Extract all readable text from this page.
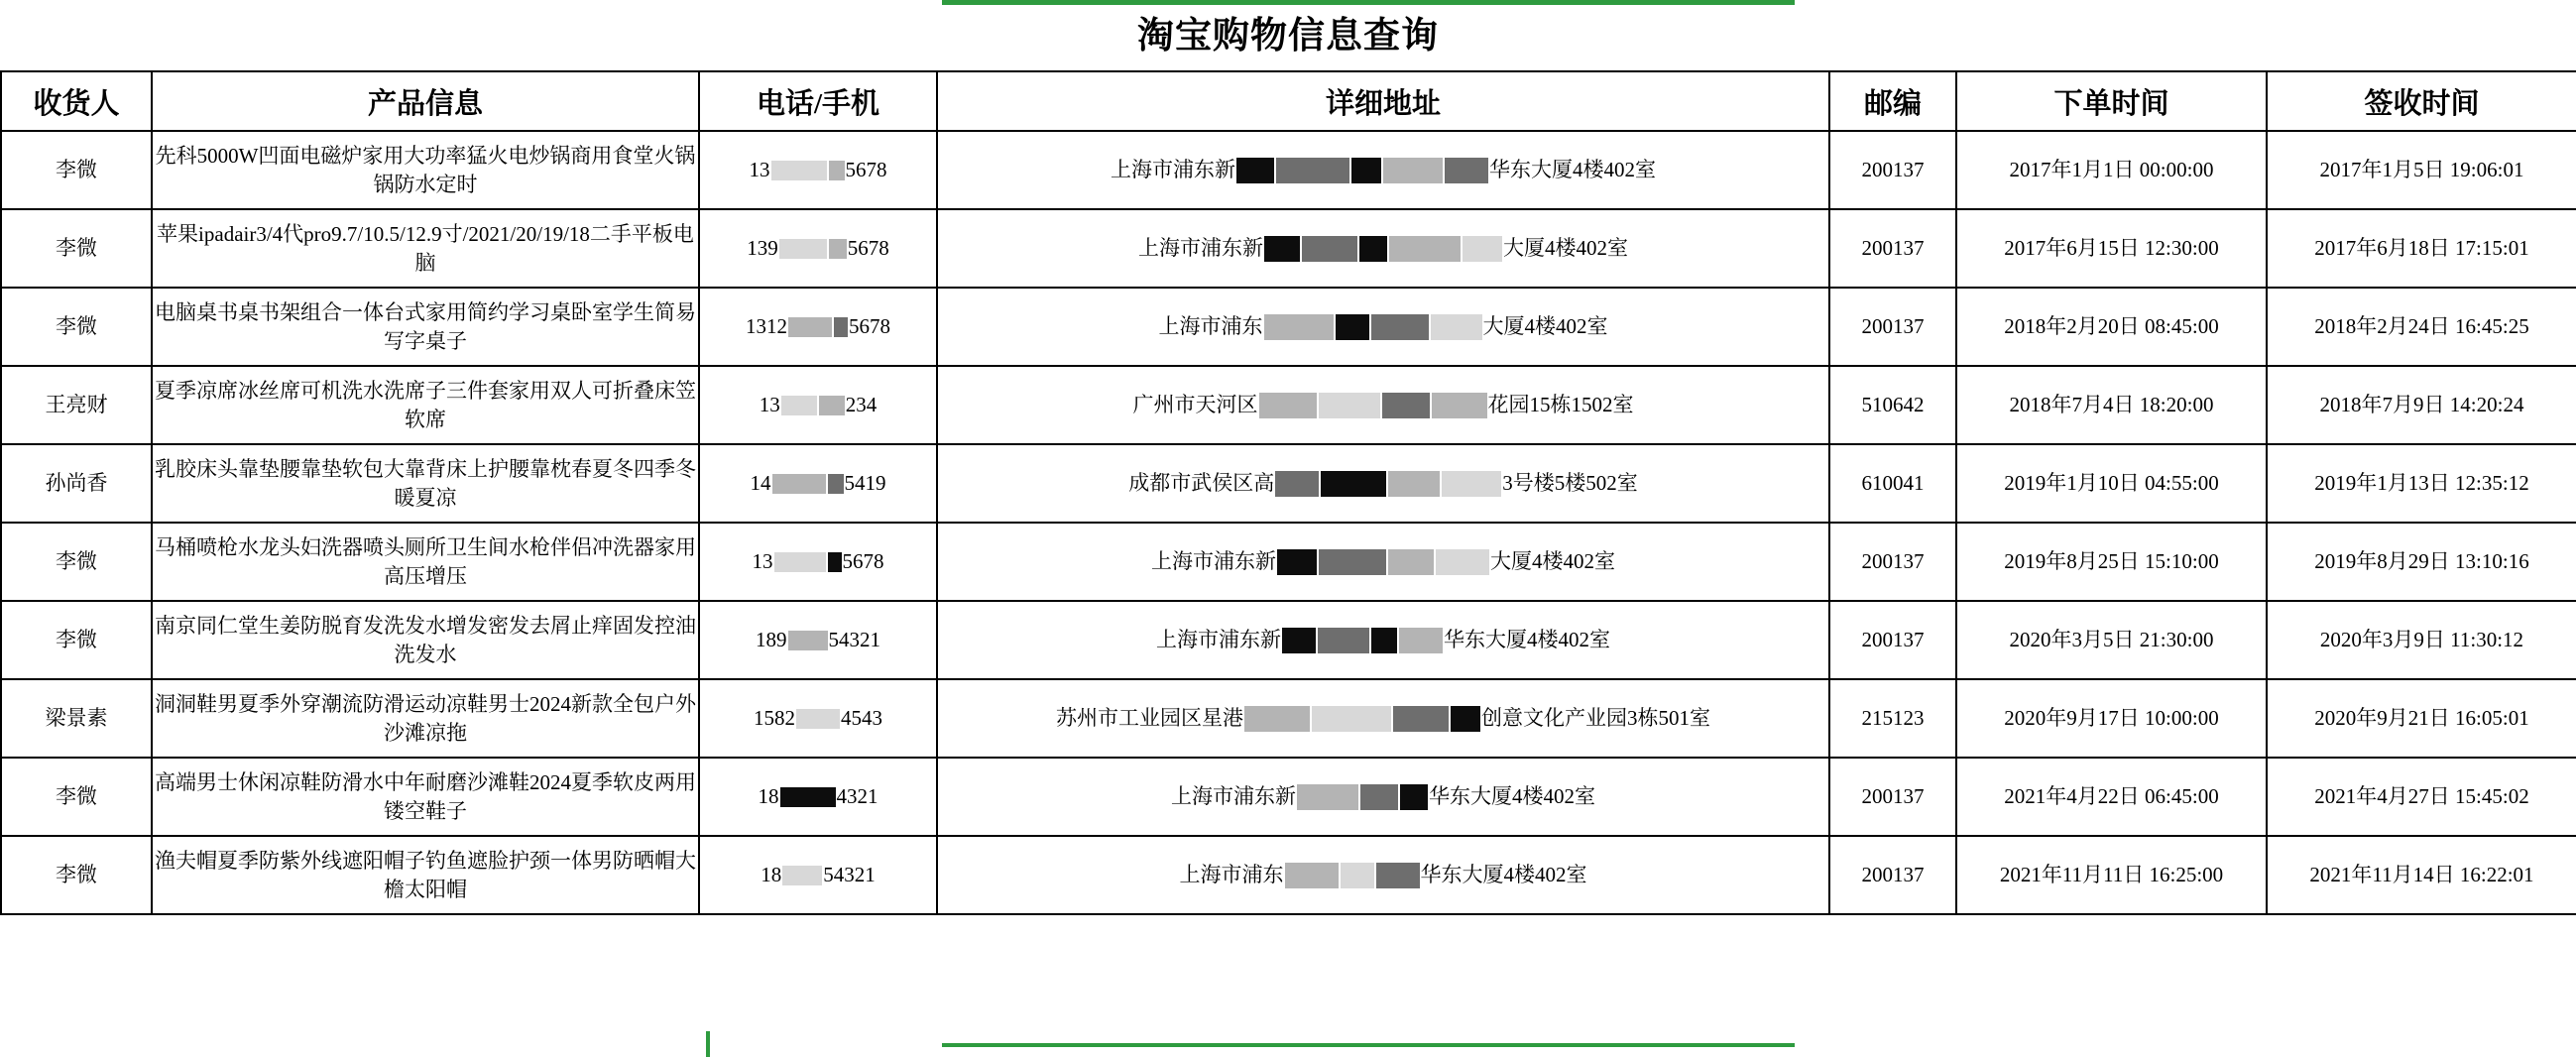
淘宝购物信息查询
收货人	产品信息	电话/手机	详细地址	邮编	下单时间	签收时间
李微	先科5000W凹面电磁炉家用大功率猛火电炒锅商用食堂火锅锅防水定时	13 5678	上海市浦东新 华东大厦4楼402室	200137	2017年1月1日 00:00:00	2017年1月5日 19:06:01
李微	苹果ipadair3/4代pro9.7/10.5/12.9寸/2021/20/19/18二手平板电脑	139 5678	上海市浦东新 大厦4楼402室	200137	2017年6月15日 12:30:00	2017年6月18日 17:15:01
李微	电脑桌书桌书架组合一体台式家用简约学习桌卧室学生简易写字桌子	1312 5678	上海市浦东 大厦4楼402室	200137	2018年2月20日 08:45:00	2018年2月24日 16:45:25
王亮财	夏季凉席冰丝席可机洗水洗席子三件套家用双人可折叠床笠软席	13 234	广州市天河区 花园15栋1502室	510642	2018年7月4日 18:20:00	2018年7月9日 14:20:24
孙尚香	乳胶床头靠垫腰靠垫软包大靠背床上护腰靠枕春夏冬四季冬暖夏凉	14 5419	成都市武侯区高 3号楼5楼502室	610041	2019年1月10日 04:55:00	2019年1月13日 12:35:12
李微	马桶喷枪水龙头妇洗器喷头厕所卫生间水枪伴侣冲洗器家用高压增压	13 5678	上海市浦东新 大厦4楼402室	200137	2019年8月25日 15:10:00	2019年8月29日 13:10:16
李微	南京同仁堂生姜防脱育发洗发水增发密发去屑止痒固发控油洗发水	189 54321	上海市浦东新 华东大厦4楼402室	200137	2020年3月5日 21:30:00	2020年3月9日 11:30:12
梁景素	洞洞鞋男夏季外穿潮流防滑运动凉鞋男士2024新款全包户外沙滩凉拖	1582 4543	苏州市工业园区星港 创意文化产业园3栋501室	215123	2020年9月17日 10:00:00	2020年9月21日 16:05:01
李微	高端男士休闲凉鞋防滑水中年耐磨沙滩鞋2024夏季软皮两用镂空鞋子	18 4321	上海市浦东新 华东大厦4楼402室	200137	2021年4月22日 06:45:00	2021年4月27日 15:45:02
李微	渔夫帽夏季防紫外线遮阳帽子钓鱼遮脸护颈一体男防晒帽大檐太阳帽	18 54321	上海市浦东 华东大厦4楼402室	200137	2021年11月11日 16:25:00	2021年11月14日 16:22:01
